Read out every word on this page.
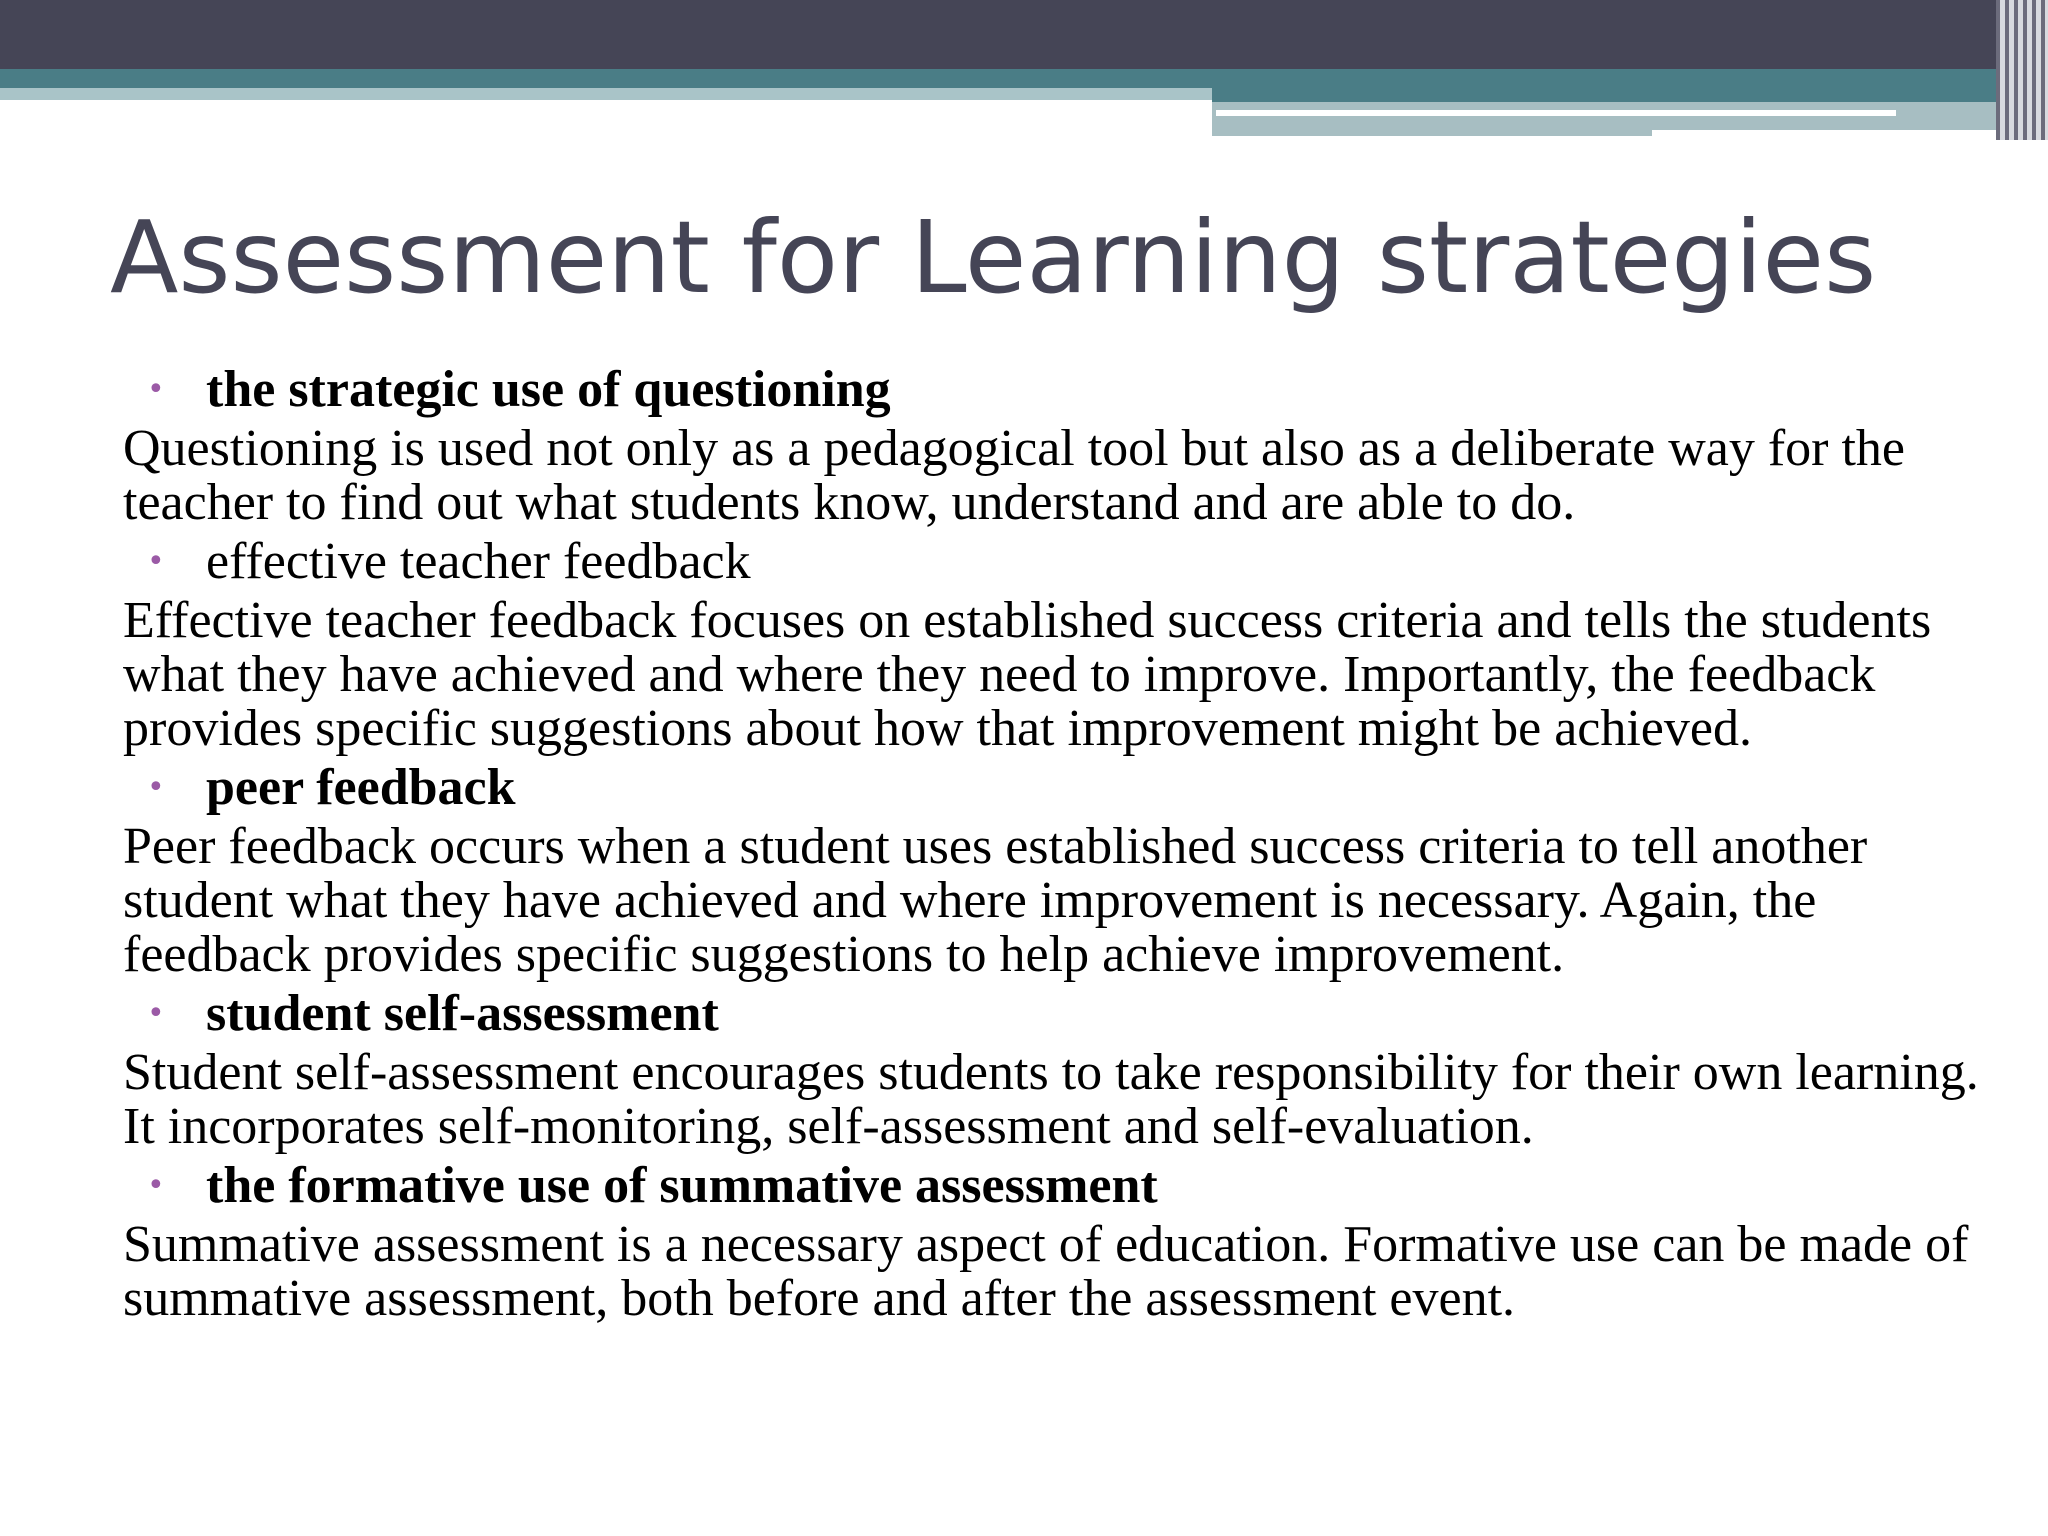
Assessment for Learning strategies
• the strategic use of questioning

Questioning is used not only as a pedagogical tool but also as a deliberate way for the teacher to find out what students know, understand and are able to do.

• effective teacher feedback

Effective teacher feedback focuses on established success criteria and tells the students what they have achieved and where they need to improve. Importantly, the feedback provides specific suggestions about how that improvement might be achieved.

• peer feedback

Peer feedback occurs when a student uses established success criteria to tell another student what they have achieved and where improvement is necessary. Again, the feedback provides specific suggestions to help achieve improvement.

• student self-assessment

Student self-assessment encourages students to take responsibility for their own learning. It incorporates self-monitoring, self-assessment and self-evaluation.

• the formative use of summative assessment

Summative assessment is a necessary aspect of education. Formative use can be made of summative assessment, both before and after the assessment event.
